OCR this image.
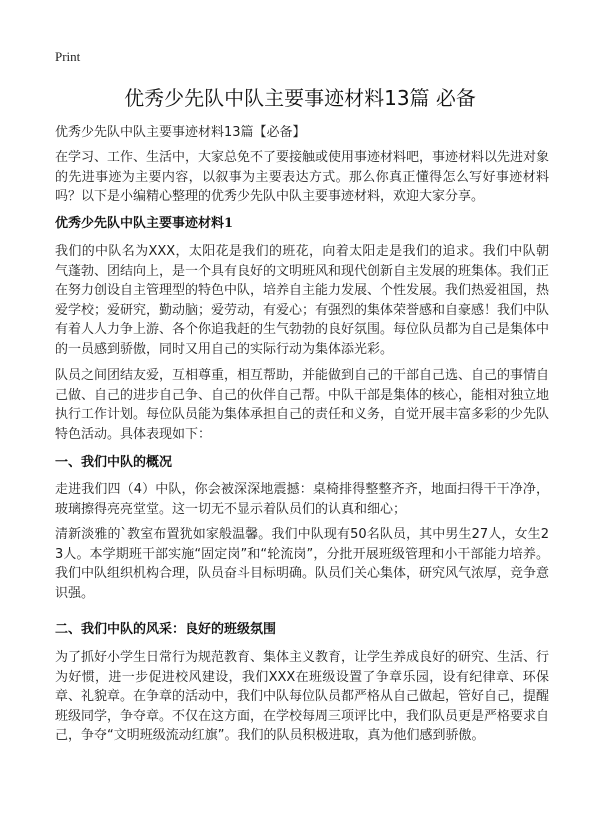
Print
优秀少先队中队主要事迹材料13篇 必备
优秀少先队中队主要事迹材料13篇【必备】
在学习、工作、生活中，大家总免不了要接触或使用事迹材料吧，事迹材料以先进对象的先进事迹为主要内容，以叙事为主要表达方式。那么你真正懂得怎么写好事迹材料吗？以下是小编精心整理的优秀少先队中队主要事迹材料，欢迎大家分享。
优秀少先队中队主要事迹材料1
我们的中队名为XXX，太阳花是我们的班花，向着太阳走是我们的追求。我们中队朝气蓬勃、团结向上，是一个具有良好的文明班风和现代创新自主发展的班集体。我们正在努力创设自主管理型的特色中队，培养自主能力发展、个性发展。我们热爱祖国，热爱学校；爱研究，勤动脑；爱劳动，有爱心；有强烈的集体荣誉感和自豪感！我们中队有着人人力争上游、各个你追我赶的生气勃勃的良好氛围。每位队员都为自己是集体中的一员感到骄傲，同时又用自己的实际行动为集体添光彩。
队员之间团结友爱，互相尊重，相互帮助，并能做到自己的干部自己选、自己的事情自己做、自己的进步自己争、自己的伙伴自己帮。中队干部是集体的核心，能相对独立地执行工作计划。每位队员能为集体承担自己的责任和义务，自觉开展丰富多彩的少先队特色活动。具体表现如下：
一、我们中队的概况
走进我们四（4）中队，你会被深深地震撼：桌椅排得整整齐齐，地面扫得干干净净，玻璃擦得亮亮堂堂。这一切无不显示着队员们的认真和细心；
清新淡雅的`教室布置犹如家般温馨。我们中队现有50名队员，其中男生27人，女生23人。本学期班干部实施“固定岗”和“轮流岗”，分批开展班级管理和小干部能力培养。我们中队组织机构合理，队员奋斗目标明确。队员们关心集体，研究风气浓厚，竞争意识强。
二、我们中队的风采：良好的班级氛围
为了抓好小学生日常行为规范教育、集体主义教育，让学生养成良好的研究、生活、行为好惯，进一步促进校风建设，我们XXX在班级设置了争章乐园，设有纪律章、环保章、礼貌章。在争章的活动中，我们中队每位队员都严格从自己做起，管好自己，提醒班级同学，争夺章。不仅在这方面，在学校每周三项评比中，我们队员更是严格要求自己，争夺“文明班级流动红旗”。我们的队员积极进取，真为他们感到骄傲。
